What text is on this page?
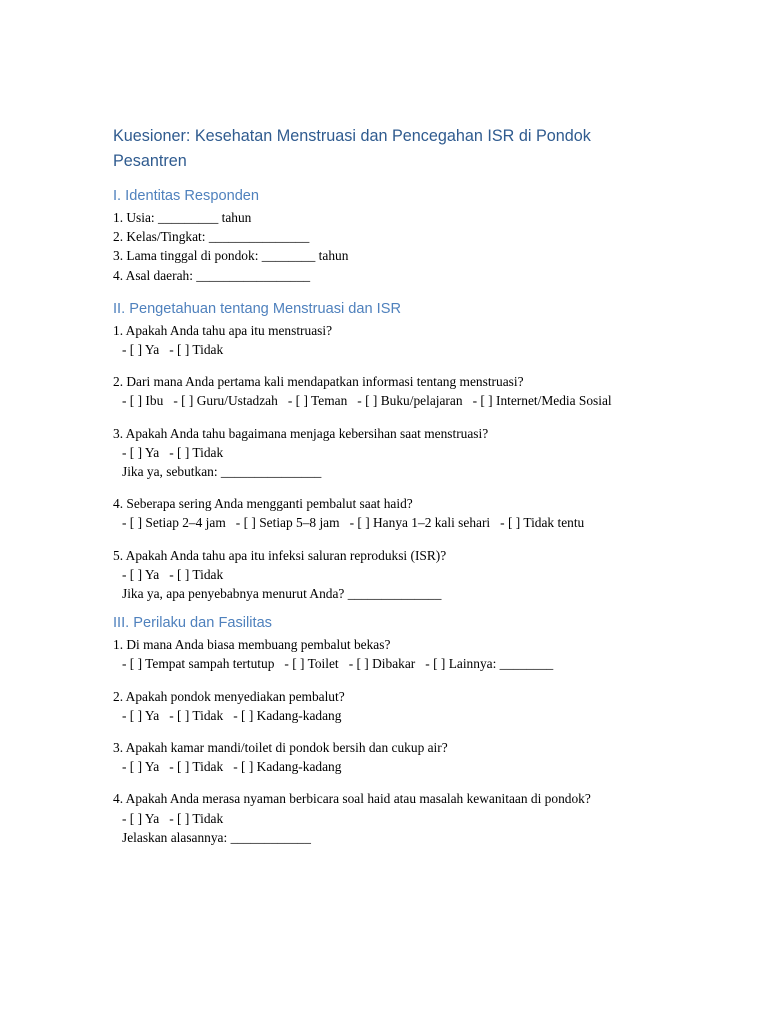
Kuesioner: Kesehatan Menstruasi dan Pencegahan ISR di Pondok Pesantren
I. Identitas Responden
1. Usia: _________ tahun
2. Kelas/Tingkat: _______________
3. Lama tinggal di pondok: ________ tahun
4. Asal daerah: _________________
II. Pengetahuan tentang Menstruasi dan ISR
1. Apakah Anda tahu apa itu menstruasi?
- [ ] Ya   - [ ] Tidak
2. Dari mana Anda pertama kali mendapatkan informasi tentang menstruasi?
- [ ] Ibu   - [ ] Guru/Ustadzah   - [ ] Teman   - [ ] Buku/pelajaran   - [ ] Internet/Media Sosial
3. Apakah Anda tahu bagaimana menjaga kebersihan saat menstruasi?
- [ ] Ya   - [ ] Tidak
Jika ya, sebutkan: _______________
4. Seberapa sering Anda mengganti pembalut saat haid?
- [ ] Setiap 2–4 jam   - [ ] Setiap 5–8 jam   - [ ] Hanya 1–2 kali sehari   - [ ] Tidak tentu
5. Apakah Anda tahu apa itu infeksi saluran reproduksi (ISR)?
- [ ] Ya   - [ ] Tidak
Jika ya, apa penyebabnya menurut Anda? ______________
III. Perilaku dan Fasilitas
1. Di mana Anda biasa membuang pembalut bekas?
- [ ] Tempat sampah tertutup   - [ ] Toilet   - [ ] Dibakar   - [ ] Lainnya: ________
2. Apakah pondok menyediakan pembalut?
- [ ] Ya   - [ ] Tidak   - [ ] Kadang-kadang
3. Apakah kamar mandi/toilet di pondok bersih dan cukup air?
- [ ] Ya   - [ ] Tidak   - [ ] Kadang-kadang
4. Apakah Anda merasa nyaman berbicara soal haid atau masalah kewanitaan di pondok?
- [ ] Ya   - [ ] Tidak
Jelaskan alasannya: ____________
